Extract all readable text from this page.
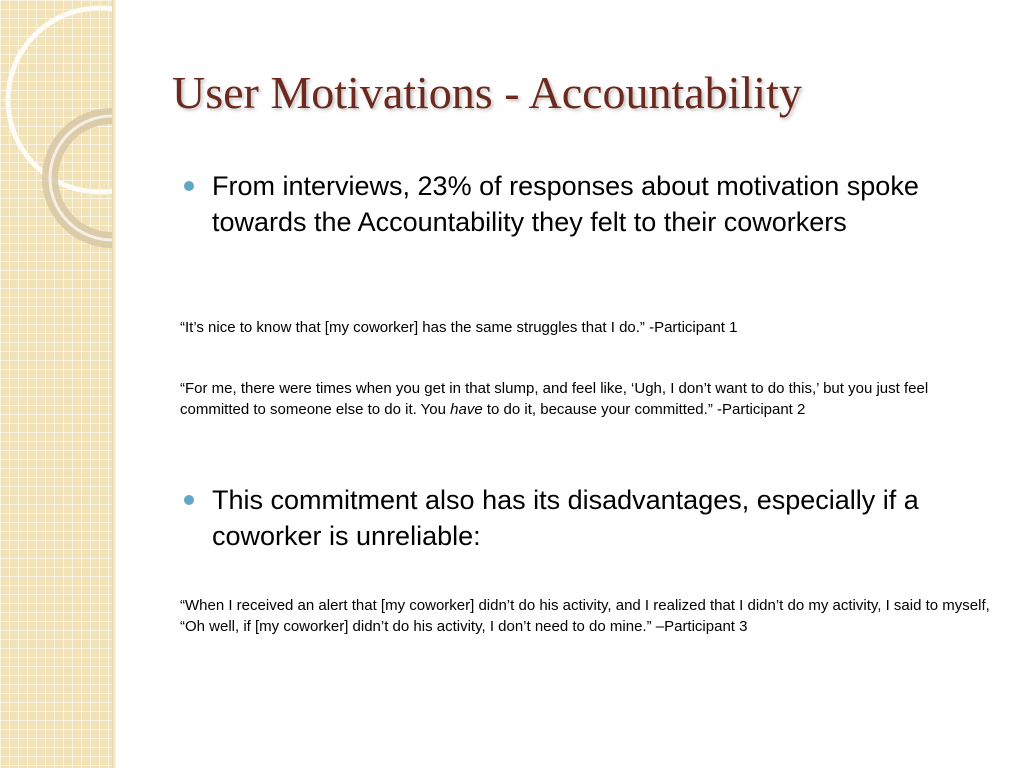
User Motivations - Accountability
From interviews, 23% of responses about motivation spoke towards the Accountability they felt to their coworkers
“It’s nice to know that [my coworker] has the same struggles that I do.” -Participant 1
“For me, there were times when you get in that slump, and feel like, ‘Ugh, I don’t want to do this,’ but you just feel committed to someone else to do it. You have to do it, because your committed.” -Participant 2
This commitment also has its disadvantages, especially if a coworker is unreliable:
“When I received an alert that [my coworker] didn’t do his activity, and I realized that I didn’t do my activity, I said to myself, “Oh well, if [my coworker] didn’t do his activity, I don’t need to do mine.” –Participant 3
